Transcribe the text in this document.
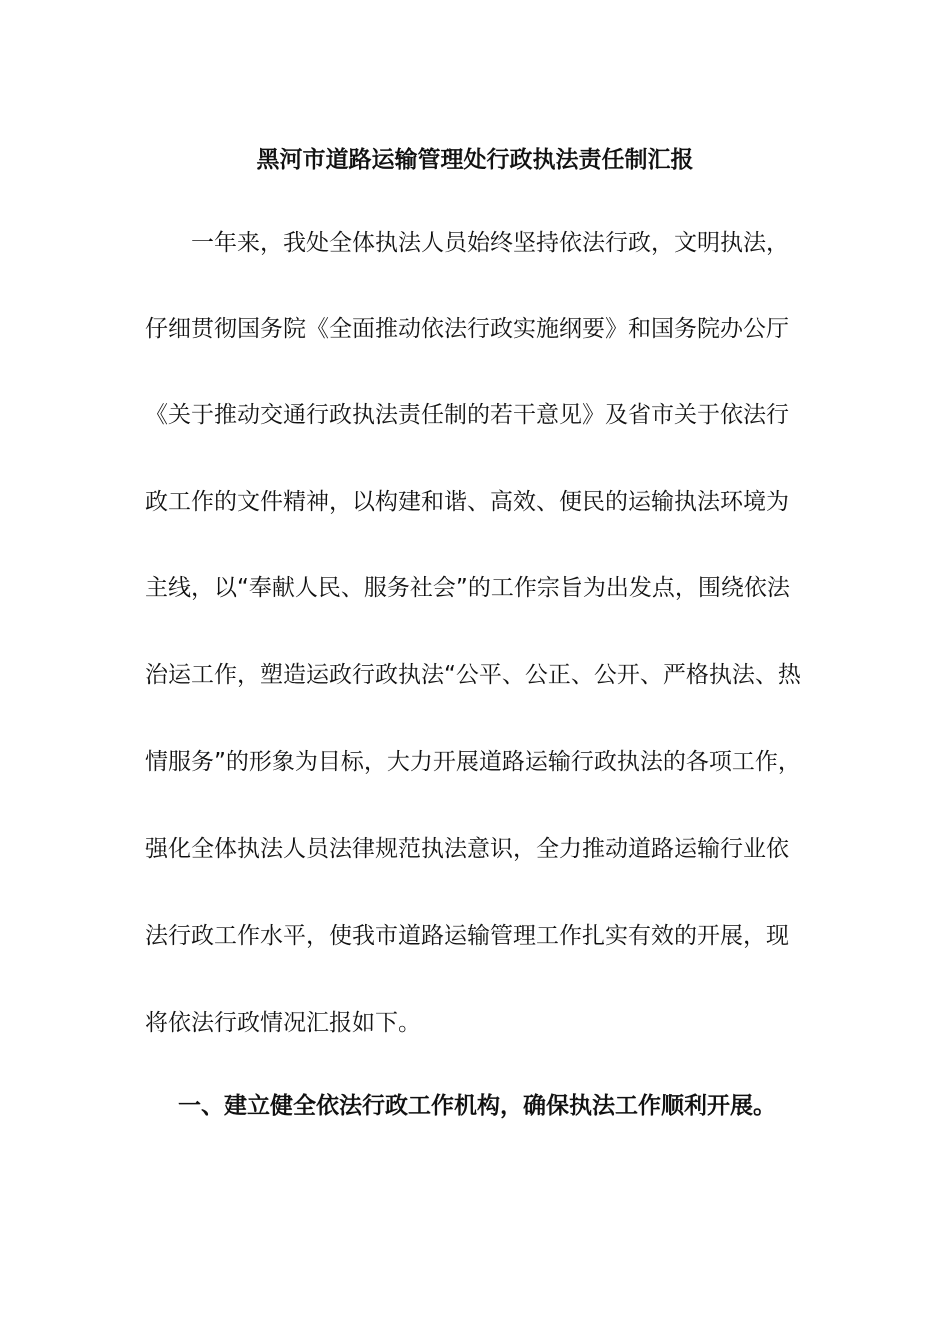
黑河市道路运输管理处行政执法责任制汇报
　　一年来，我处全体执法人员始终坚持依法行政，文明执法，
仔细贯彻国务院《全面推动依法行政实施纲要》和国务院办公厅
《关于推动交通行政执法责任制的若干意见》及省市关于依法行
政工作的文件精神，以构建和谐、高效、便民的运输执法环境为
主线，以“奉献人民、服务社会”的工作宗旨为出发点，围绕依法
治运工作，塑造运政行政执法“公平、公正、公开、严格执法、热
情服务”的形象为目标，大力开展道路运输行政执法的各项工作，
强化全体执法人员法律规范执法意识，全力推动道路运输行业依
法行政工作水平，使我市道路运输管理工作扎实有效的开展，现
将依法行政情况汇报如下。
一、建立健全依法行政工作机构，确保执法工作顺利开展。
